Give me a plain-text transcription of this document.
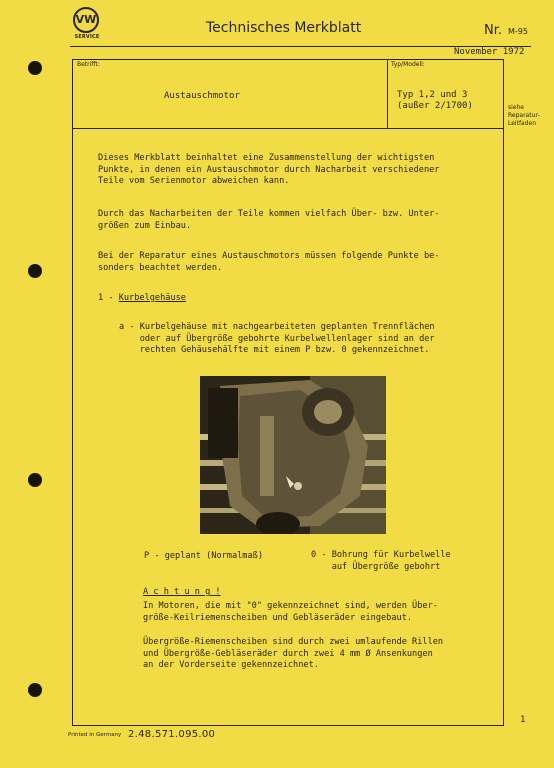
VW
SERVICE
Technisches Merkblatt	Nr. M-95
November 1972
Betrifft:	Typ/Modell:
Austauschmotor	Typ 1,2 und 3
(außer 2/1700)	siehe
Reparatur-
Leitfaden
Dieses Merkblatt beinhaltet eine Zusammenstellung der wichtigsten
Punkte, in denen ein Austauschmotor durch Nacharbeit verschiedener
Teile vom Serienmotor abweichen kann.
Durch das Nacharbeiten der Teile kommen vielfach Über- bzw. Unter-
größen zum Einbau.
Bei der Reparatur eines Austauschmotors müssen folgende Punkte be-
sonders beachtet werden.
1 - Kurbelgehäuse
a - Kurbelgehäuse mit nachgearbeiteten geplanten Trennflächen
oder auf Übergröße gebohrte Kurbelwellenlager sind an der
rechten Gehäusehälfte mit einem P bzw. 0 gekennzeichnet.
P - geplant (Normalmaß)	0 - Bohrung für Kurbelwelle
auf Übergröße gebohrt
A c h t u n g !
In Motoren, die mit "0" gekennzeichnet sind, werden Über-
größe-Keilriemenscheiben und Gebläseräder eingebaut.
Übergröße-Riemenscheiben sind durch zwei umlaufende Rillen
und Übergröße-Gebläseräder durch zwei 4 mm Ø Ansenkungen
an der Vorderseite gekennzeichnet.
1
Printed in Germany 2.48.571.095.00
